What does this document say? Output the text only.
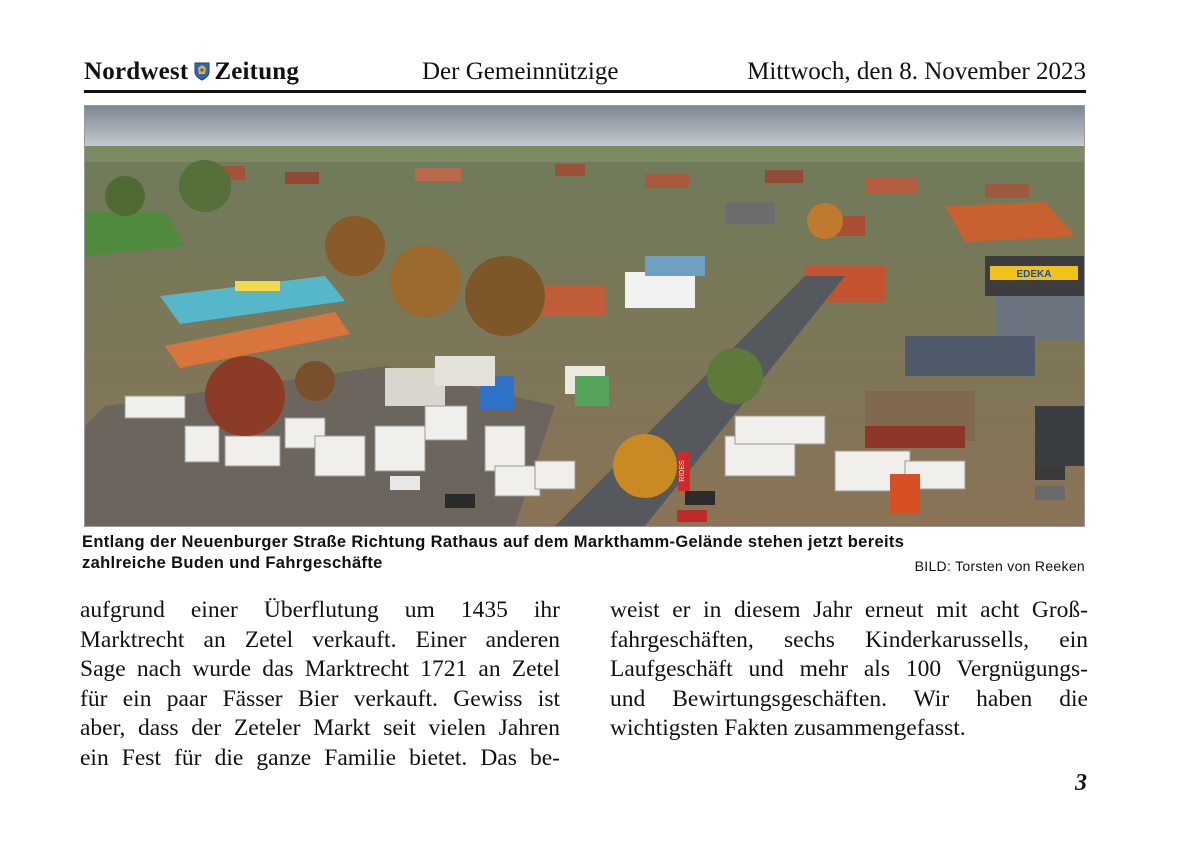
Nordwest Zeitung	Der Gemeinnützige	Mittwoch, den 8. November 2023
RIDES
EDEKA
Entlang der Neuenburger Straße Richtung Rathaus auf dem Markthamm-Gelände stehen jetzt bereits
zahlreiche Buden und Fahrgeschäfte	BILD: Torsten von Reeken
aufgrund einer Überflutung um 1435 ihr
Marktrecht an Zetel verkauft. Einer anderen
Sage nach wurde das Marktrecht 1721 an Zetel
für ein paar Fässer Bier verkauft. Gewiss ist
aber, dass der Zeteler Markt seit vielen Jahren
ein Fest für die ganze Familie bietet. Das be-
weist er in diesem Jahr erneut mit acht Groß-
fahrgeschäften, sechs Kinderkarussells, ein
Laufgeschäft und mehr als 100 Vergnügungs-
und Bewirtungsgeschäften. Wir haben die
wichtigsten Fakten zusammengefasst.
3
